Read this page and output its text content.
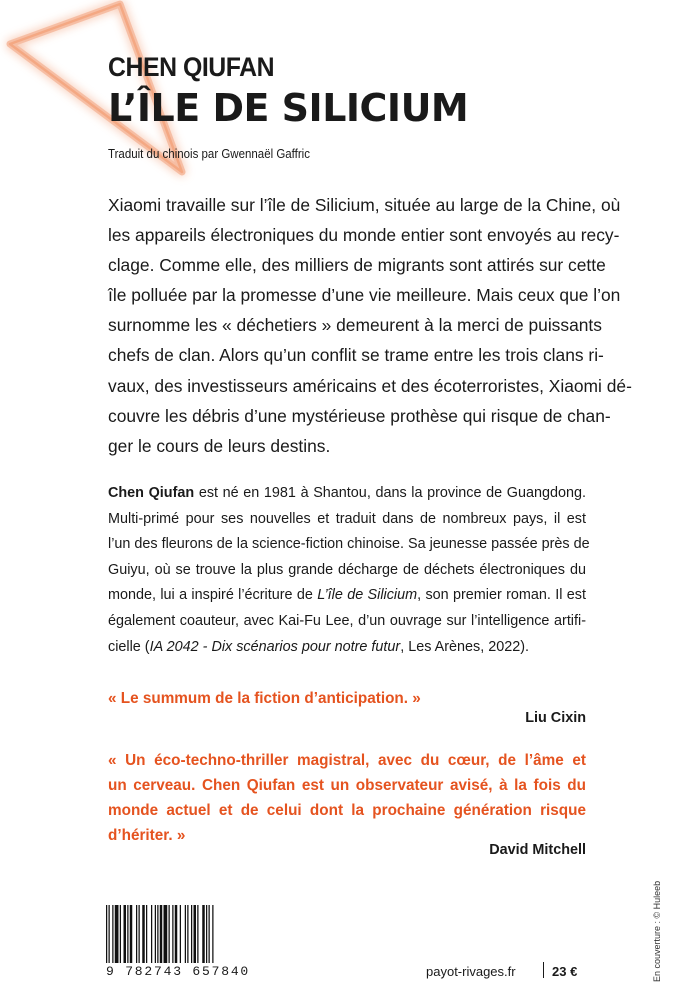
CHEN QIUFAN
L’ÎLE DE SILICIUM
Traduit du chinois par Gwennaël Gaffric
Xiaomi travaille sur l’île de Silicium, située au large de la Chine, où
les appareils électroniques du monde entier sont envoyés au recy-
clage. Comme elle, des milliers de migrants sont attirés sur cette
île polluée par la promesse d’une vie meilleure. Mais ceux que l’on
surnomme les « déchetiers » demeurent à la merci de puissants
chefs de clan. Alors qu’un conflit se trame entre les trois clans ri-
vaux, des investisseurs américains et des écoterroristes, Xiaomi dé-
couvre les débris d’une mystérieuse prothèse qui risque de chan-
ger le cours de leurs destins.
Chen Qiufan est né en 1981 à Shantou, dans la province de Guangdong.
Multi-primé pour ses nouvelles et traduit dans de nombreux pays, il est
l’un des fleurons de la science-fiction chinoise. Sa jeunesse passée près de
Guiyu, où se trouve la plus grande décharge de déchets électroniques du
monde, lui a inspiré l’écriture de L’île de Silicium, son premier roman. Il est
également coauteur, avec Kai-Fu Lee, d’un ouvrage sur l’intelligence artifi-
cielle (IA 2042 - Dix scénarios pour notre futur, Les Arènes, 2022).
« Le summum de la fiction d’anticipation. »
Liu Cixin
« Un éco-techno-thriller magistral, avec du cœur, de l’âme et
un cerveau. Chen Qiufan est un observateur avisé, à la fois du
monde actuel et de celui dont la prochaine génération risque
d’hériter. »
David Mitchell
9 782743 657840	payot-rivages.fr	23 €	En couverture : © Huleeb
